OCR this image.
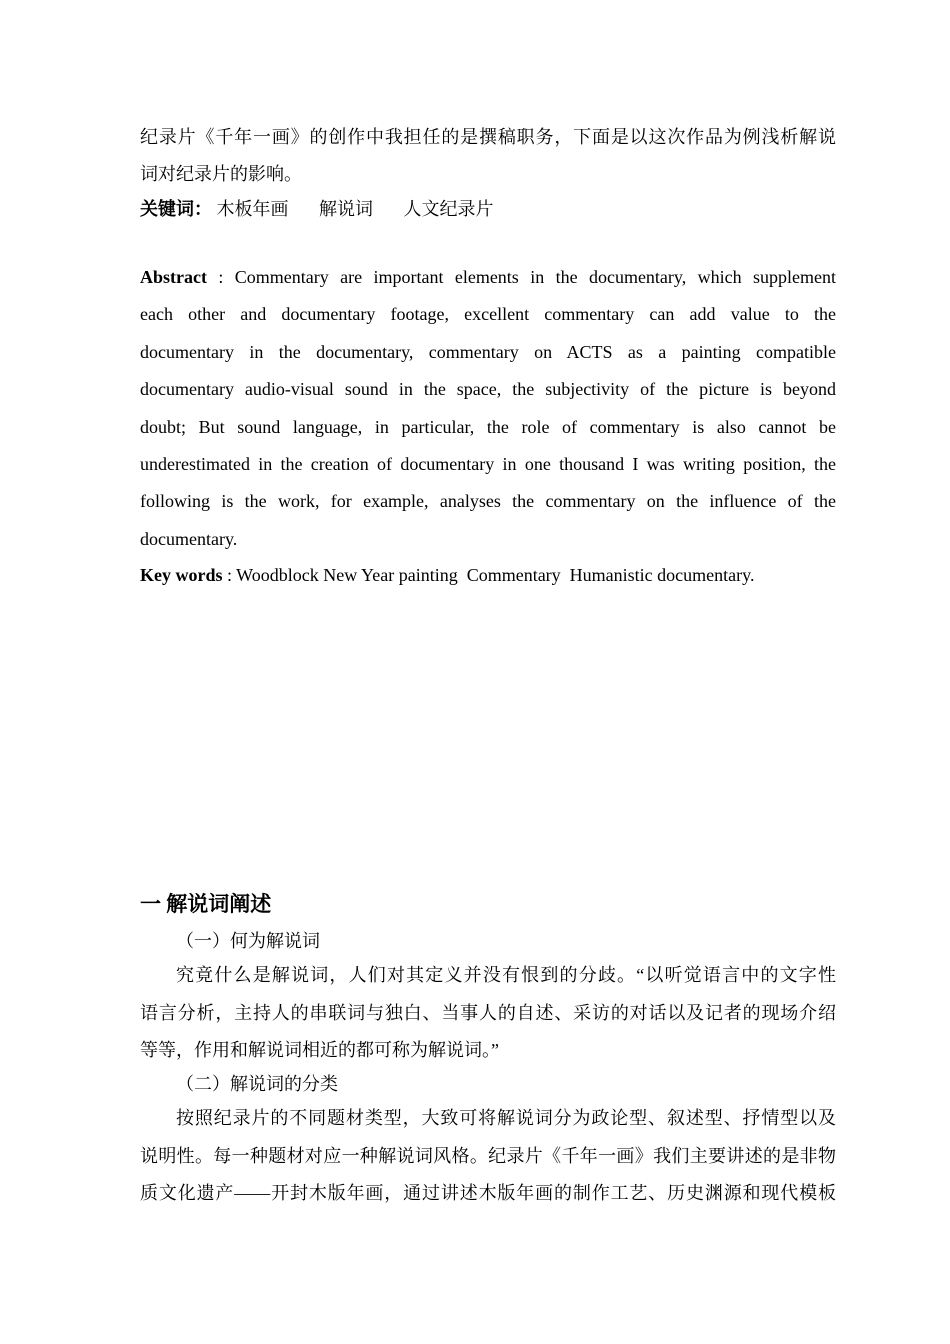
纪录片《千年一画》的创作中我担任的是撰稿职务，下面是以这次作品为例浅析解说
词对纪录片的影响。
关键词： 木板年画 解说词 人文纪录片
Abstract : Commentary are important elements in the documentary, which supplement
each other and documentary footage, excellent commentary can add value to the
documentary in the documentary, commentary on ACTS as a painting compatible
documentary audio-visual sound in the space, the subjectivity of the picture is beyond
doubt; But sound language, in particular, the role of commentary is also cannot be
underestimated in the creation of documentary in one thousand I was writing position, the
following is the work, for example, analyses the commentary on the influence of the
documentary.
Key words : Woodblock New Year painting  Commentary  Humanistic documentary.
一 解说词阐述
（一）何为解说词
究竟什么是解说词，人们对其定义并没有恨到的分歧。“以听觉语言中的文字性
语言分析，主持人的串联词与独白、当事人的自述、采访的对话以及记者的现场介绍
等等，作用和解说词相近的都可称为解说词。”
（二）解说词的分类
按照纪录片的不同题材类型，大致可将解说词分为政论型、叙述型、抒情型以及
说明性。每一种题材对应一种解说词风格。纪录片《千年一画》我们主要讲述的是非物
质文化遗产——开封木版年画，通过讲述木版年画的制作工艺、历史渊源和现代模板
